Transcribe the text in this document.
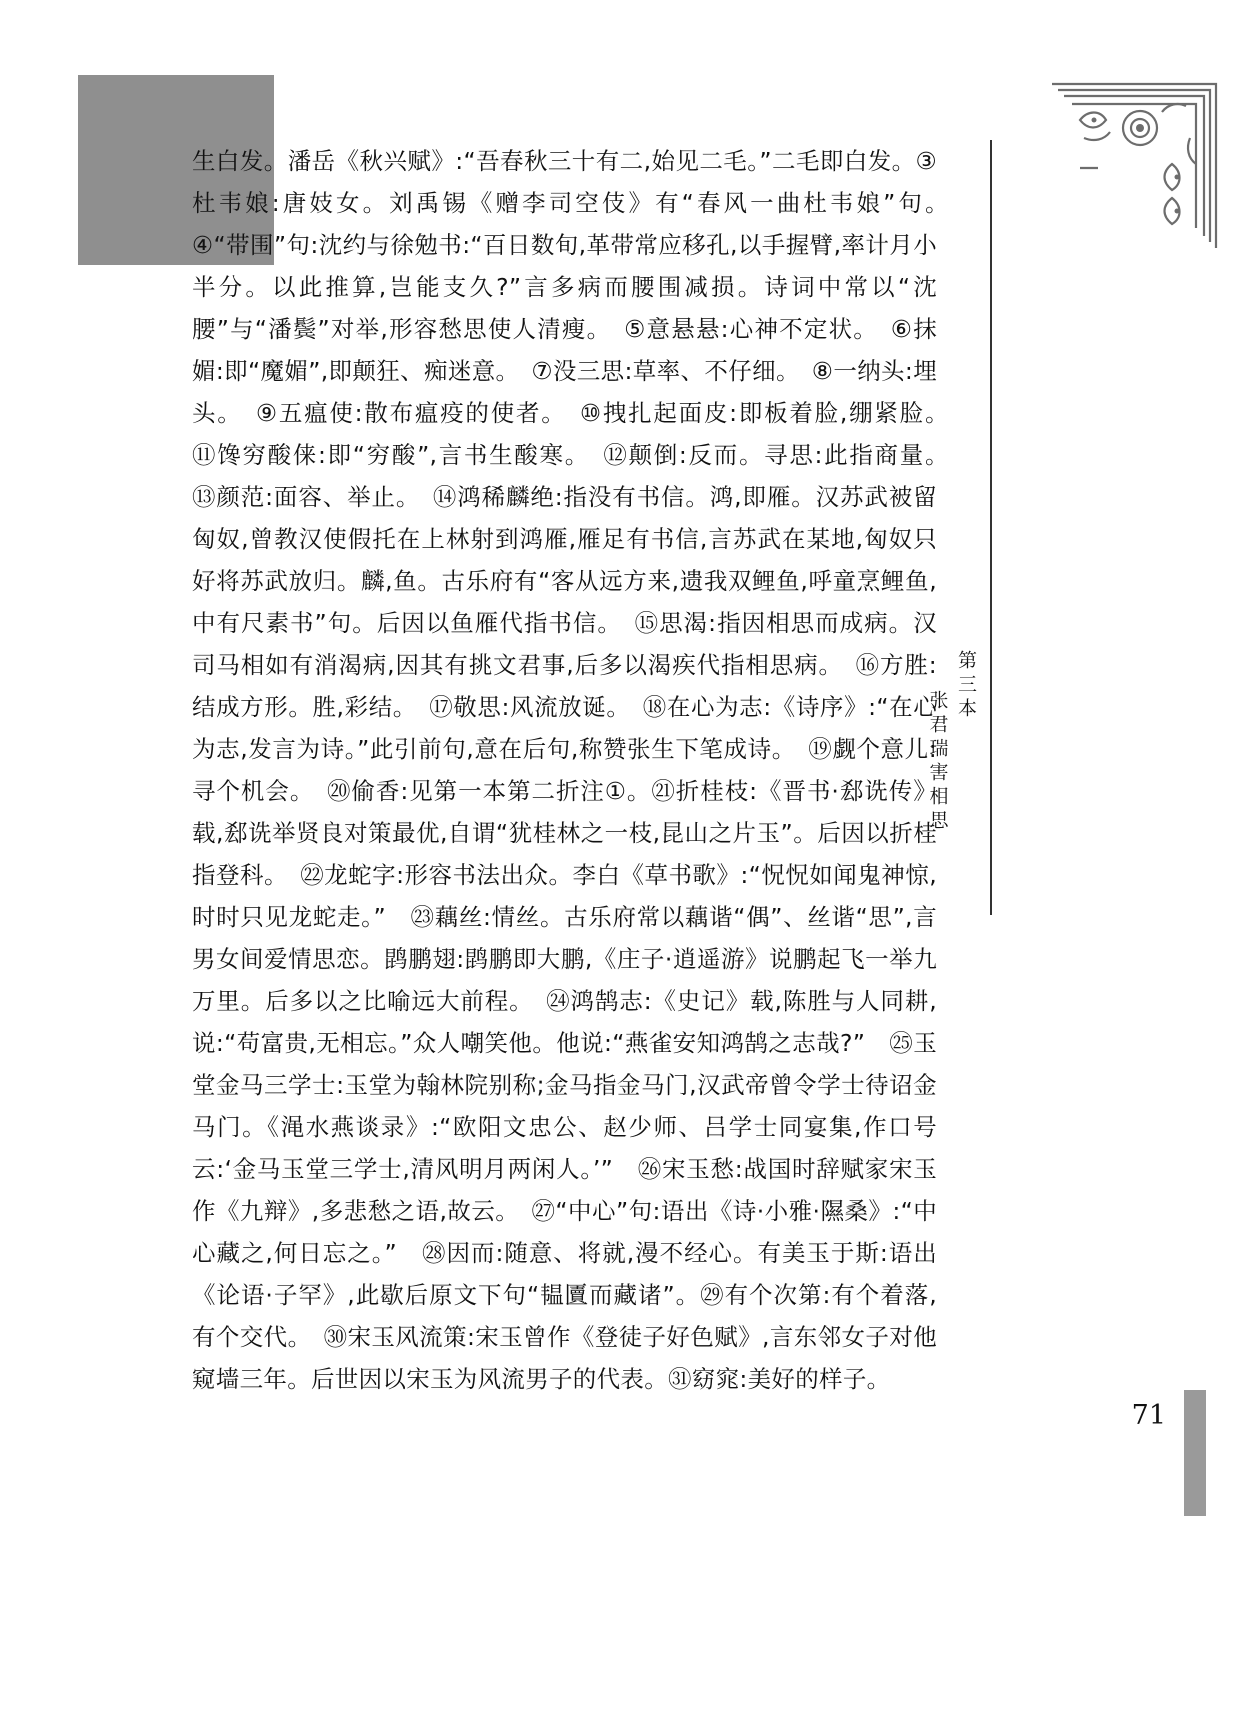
第三本
张君瑞害相思

生白发。潘岳《秋兴赋》:“吾春秋三十有二,始见二毛。”二毛即白发。③杜韦娘:唐妓女。刘禹锡《赠李司空伎》有“春风一曲杜韦娘”句。　④“带围”句:沈约与徐勉书:“百日数旬,革带常应移孔,以手握臂,率计月小半分。以此推算,岂能支久?”言多病而腰围减损。诗词中常以“沈腰”与“潘鬓”对举,形容愁思使人清瘦。　⑤意悬悬:心神不定状。　⑥抹媚:即“魔媚”,即颠狂、痴迷意。　⑦没三思:草率、不仔细。　⑧一纳头:埋头。　⑨五瘟使:散布瘟疫的使者。　⑩拽扎起面皮:即板着脸,绷紧脸。　⑪馋穷酸俫:即“穷酸”,言书生酸寒。　⑫颠倒:反而。寻思:此指商量。　⑬颜范:面容、举止。　⑭鸿稀麟绝:指没有书信。鸿,即雁。汉苏武被留匈奴,曾教汉使假托在上林射到鸿雁,雁足有书信,言苏武在某地,匈奴只好将苏武放归。麟,鱼。古乐府有“客从远方来,遗我双鲤鱼,呼童烹鲤鱼,中有尺素书”句。后因以鱼雁代指书信。　⑮思渴:指因相思而成病。汉司马相如有消渴病,因其有挑文君事,后多以渴疾代指相思病。　⑯方胜:结成方形。胜,彩结。　⑰敬思:风流放诞。　⑱在心为志:《诗序》:“在心为志,发言为诗。”此引前句,意在后句,称赞张生下笔成诗。　⑲觑个意儿:寻个机会。　⑳偷香:见第一本第二折注①。㉑折桂枝:《晋书·郄诜传》载,郄诜举贤良对策最优,自谓“犹桂林之一枝,昆山之片玉”。后因以折桂指登科。　㉒龙蛇字:形容书法出众。李白《草书歌》:“怳怳如闻鬼神惊,时时只见龙蛇走。”　㉓藕丝:情丝。古乐府常以藕谐“偶”、丝谐“思”,言男女间爱情思恋。鹍鹏翅:鹍鹏即大鹏,《庄子·逍遥游》说鹏起飞一举九万里。后多以之比喻远大前程。　㉔鸿鹄志:《史记》载,陈胜与人同耕,说:“苟富贵,无相忘。”众人嘲笑他。他说:“燕雀安知鸿鹄之志哉?”　㉕玉堂金马三学士:玉堂为翰林院别称;金马指金马门,汉武帝曾令学士待诏金马门。《渑水燕谈录》:“欧阳文忠公、赵少师、吕学士同宴集,作口号云:‘金马玉堂三学士,清风明月两闲人。’”　㉖宋玉愁:战国时辞赋家宋玉作《九辩》,多悲愁之语,故云。　㉗“中心”句:语出《诗·小雅·隰桑》:“中心藏之,何日忘之。”　㉘因而:随意、将就,漫不经心。有美玉于斯:语出《论语·子罕》,此歇后原文下句“韫匵而藏诸”。㉙有个次第:有个着落,有个交代。　㉚宋玉风流策:宋玉曾作《登徒子好色赋》,言东邻女子对他窥墙三年。后世因以宋玉为风流男子的代表。㉛窈窕:美好的样子。

71
